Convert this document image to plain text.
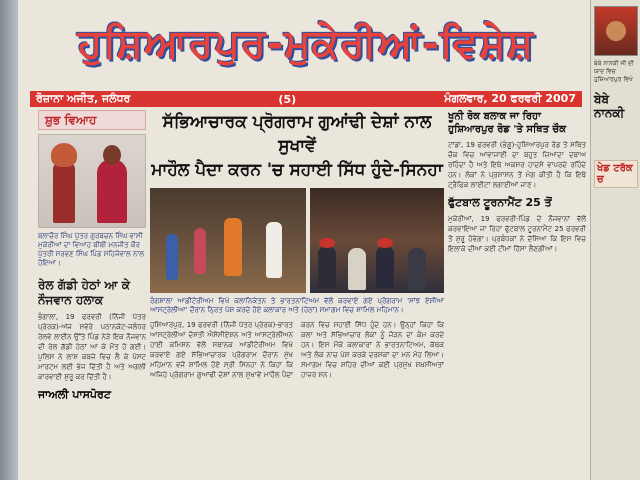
ਹੁਸ਼ਿਆਰਪੁਰ-ਮੁਕੇਰੀਆਂ-ਵਿਸ਼ੇਸ਼
ਰੋਜ਼ਾਨਾ ਅਜੀਤ, ਜਲੰਧਰ	(5)	ਮੰਗਲਵਾਰ, 20 ਫਰਵਰੀ 2007
ਸ਼ੁਭ ਵਿਆਹ
ਬਲਾਚੌਰ ਸਿੰਘ ਪੁੱਤਰ ਗੁਰਬਚਨ ਸਿੰਘ ਵਾਸੀ ਮੁਕੇਰੀਆਂ ਦਾ ਵਿਆਹ ਬੀਬੀ ਮਨਜੀਤ ਕੌਰ ਪੁੱਤਰੀ ਸਰਵਣ ਸਿੰਘ ਪਿੰਡ ਸਹਿਜੋਵਾਲ ਨਾਲ ਹੋਇਆ।
ਰੇਲ ਗੱਡੀ ਹੇਠਾਂ ਆ ਕੇ ਨੌਜਵਾਨ ਹਲਾਕ
ਭੰਗਾਲਾ, 19 ਫਰਵਰੀ (ਨਿੱਜੀ ਪੱਤਰ ਪ੍ਰੇਰਕ)-ਅੱਜ ਸਵੇਰੇ ਪਠਾਨਕੋਟ-ਜਲੰਧਰ ਰੇਲਵੇ ਲਾਈਨ ਉੱਤੇ ਪਿੰਡ ਨੇੜੇ ਇਕ ਨੌਜਵਾਨ ਦੀ ਰੇਲ ਗੱਡੀ ਹੇਠਾਂ ਆ ਕੇ ਮੌਤ ਹੋ ਗਈ। ਪੁਲਿਸ ਨੇ ਲਾਸ਼ ਕਬਜ਼ੇ ਵਿਚ ਲੈ ਕੇ ਪੋਸਟ ਮਾਰਟਮ ਲਈ ਭੇਜ ਦਿੱਤੀ ਹੈ ਅਤੇ ਅਗਲੀ ਕਾਰਵਾਈ ਸ਼ੁਰੂ ਕਰ ਦਿੱਤੀ ਹੈ।
ਜਾਅਲੀ ਪਾਸਪੋਰਟ
ਸੱਭਿਆਚਾਰਕ ਪ੍ਰੋਗਰਾਮ ਗੁਆਂਢੀ ਦੇਸ਼ਾਂ ਨਾਲ ਸੁਖਾਵੇਂ
ਮਾਹੌਲ ਪੈਦਾ ਕਰਨ 'ਚ ਸਹਾਈ ਸਿੱਧ ਹੁੰਦੇ-ਸਿਨਹਾ
ਰੰਗਸ਼ਾਲਾ ਆਡੀਟੋਰੀਅਮ ਵਿਖੇ ਕਲਾਨਿਕੇਤਨ ਤੇ ਭਾਰਤਨਾਟਿਅਮ ਵੱਲੋਂ ਕਰਵਾਏ ਗਏ ਪ੍ਰੋਗਰਾਮ 'ਸਾਂਝ ਏਸ਼ੀਆ ਆਸਟ੍ਰੇਲੀਆ' ਦੌਰਾਨ ਨ੍ਰਿਤ ਪੇਸ਼ ਕਰਦੇ ਹੋਏ ਕਲਾਕਾਰ ਅਤੇ (ਹੇਠਾਂ) ਸਮਾਗਮ ਵਿਚ ਸ਼ਾਮਿਲ ਮਹਿਮਾਨ।
ਹੁਸ਼ਿਆਰਪੁਰ, 19 ਫਰਵਰੀ (ਨਿੱਜੀ ਪੱਤਰ ਪ੍ਰੇਰਕ)-ਭਾਰਤ ਆਸਟ੍ਰੇਲੀਆ ਦੋਸਤੀ ਐਸੋਸੀਏਸ਼ਨ ਅਤੇ ਆਸਟ੍ਰੇਲੀਅਨ ਹਾਈ ਕਮਿਸ਼ਨ ਵੱਲੋਂ ਸਥਾਨਕ ਆਡੀਟੋਰੀਅਮ ਵਿਖੇ ਕਰਵਾਏ ਗਏ ਸੱਭਿਆਚਾਰਕ ਪ੍ਰੋਗਰਾਮ ਦੌਰਾਨ ਮੁੱਖ ਮਹਿਮਾਨ ਵਜੋਂ ਸ਼ਾਮਿਲ ਹੋਏ ਸ੍ਰੀ ਸਿਨਹਾ ਨੇ ਕਿਹਾ ਕਿ ਅਜਿਹੇ ਪ੍ਰੋਗਰਾਮ ਗੁਆਂਢੀ ਦੇਸ਼ਾਂ ਨਾਲ ਸੁਖਾਵੇਂ ਮਾਹੌਲ ਪੈਦਾ ਕਰਨ ਵਿਚ ਸਹਾਈ ਸਿੱਧ ਹੁੰਦੇ ਹਨ। ਉਨ੍ਹਾਂ ਕਿਹਾ ਕਿ ਕਲਾ ਅਤੇ ਸੱਭਿਆਚਾਰ ਲੋਕਾਂ ਨੂੰ ਜੋੜਨ ਦਾ ਕੰਮ ਕਰਦੇ ਹਨ। ਇਸ ਮੌਕੇ ਕਲਾਕਾਰਾਂ ਨੇ ਭਾਰਤਨਾਟਿਅਮ, ਕੱਥਕ ਅਤੇ ਲੋਕ ਨਾਚ ਪੇਸ਼ ਕਰਕੇ ਦਰਸ਼ਕਾਂ ਦਾ ਮਨ ਮੋਹ ਲਿਆ। ਸਮਾਗਮ ਵਿਚ ਸ਼ਹਿਰ ਦੀਆਂ ਕਈ ਪ੍ਰਮੁੱਖ ਸ਼ਖ਼ਸੀਅਤਾਂ ਹਾਜ਼ਰ ਸਨ।
ਖੂਨੀ ਰੋਕ ਬਲਾਕ ਜਾ ਰਿਹਾ ਹੁਸ਼ਿਆਰਪੁਰ ਰੋਡ 'ਤੇ ਸਥਿਤ ਚੌਕ
ਟਾਂਡਾ, 19 ਫਰਵਰੀ (ਭੰਗੂ)-ਹੁਸ਼ਿਆਰਪੁਰ ਰੋਡ ਤੇ ਸਥਿਤ ਚੌਕ ਵਿਚ ਆਵਾਜਾਈ ਦਾ ਬਹੁਤ ਜ਼ਿਆਦਾ ਦਬਾਅ ਰਹਿੰਦਾ ਹੈ ਅਤੇ ਇਥੇ ਅਕਸਰ ਹਾਦਸੇ ਵਾਪਰਦੇ ਰਹਿੰਦੇ ਹਨ। ਲੋਕਾਂ ਨੇ ਪ੍ਰਸ਼ਾਸਨ ਤੋਂ ਮੰਗ ਕੀਤੀ ਹੈ ਕਿ ਇਥੇ ਟ੍ਰੈਫਿਕ ਲਾਈਟਾਂ ਲਗਾਈਆਂ ਜਾਣ।
ਫੁੱਟਬਾਲ ਟੂਰਨਾਮੈਂਟ 25 ਤੋਂ
ਮੁਕੇਰੀਆਂ, 19 ਫਰਵਰੀ-ਪਿੰਡ ਦੇ ਨੌਜਵਾਨਾਂ ਵੱਲੋਂ ਕਰਵਾਇਆ ਜਾ ਰਿਹਾ ਫੁੱਟਬਾਲ ਟੂਰਨਾਮੈਂਟ 25 ਫਰਵਰੀ ਤੋਂ ਸ਼ੁਰੂ ਹੋਵੇਗਾ। ਪ੍ਰਬੰਧਕਾਂ ਨੇ ਦੱਸਿਆ ਕਿ ਇਸ ਵਿਚ ਇਲਾਕੇ ਦੀਆਂ ਕਈ ਟੀਮਾਂ ਹਿੱਸਾ ਲੈਣਗੀਆਂ।
ਬੇਬੇ ਨਾਨਕੀ ਜੀ ਦੀ ਯਾਦ ਵਿਚ ਹੁਸ਼ਿਆਰਪੁਰ ਵਿਖੇ
ਬੇਬੇ ਨਾਨਕੀ
ਖੇਡ ਟਰੱਕ ਚ
